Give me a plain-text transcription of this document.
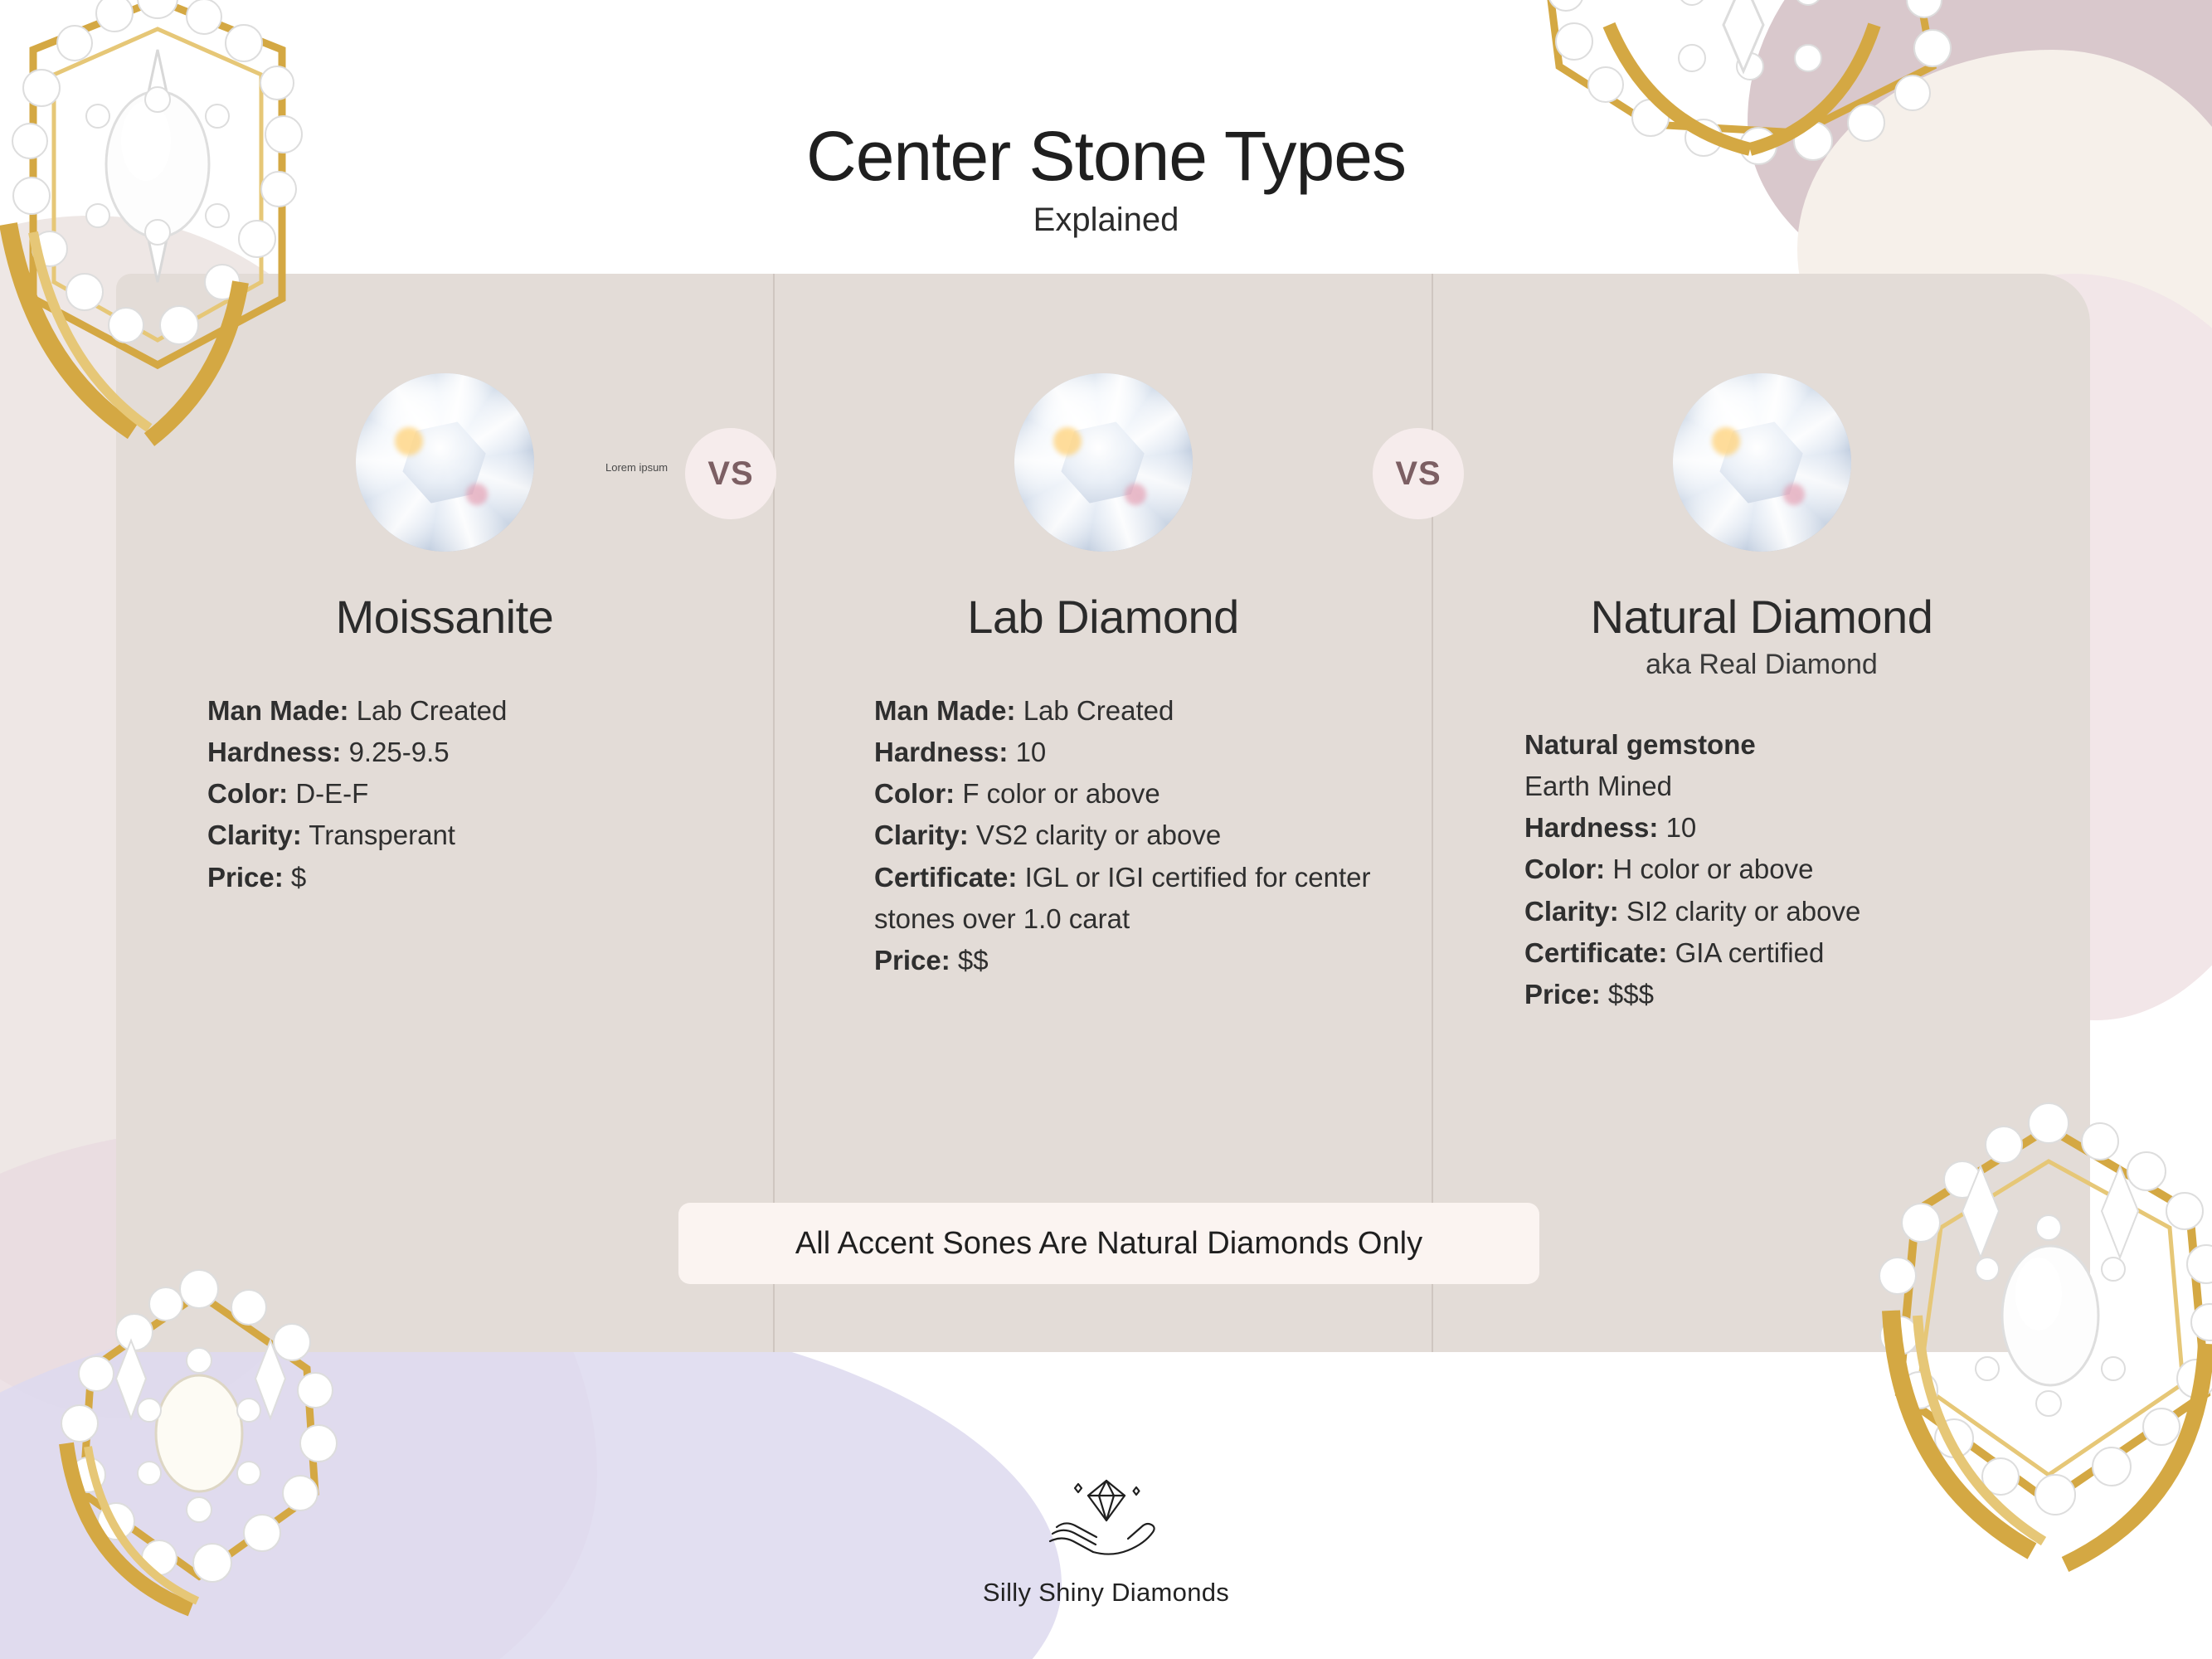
Center Stone Types
Explained
Moissanite
Man Made: Lab Created
Hardness: 9.25-9.5
Color: D-E-F
Clarity: Transperant
Price: $
Lab Diamond
Man Made: Lab Created
Hardness: 10
Color: F color or above
Clarity: VS2 clarity or above
Certificate: IGL or IGI certified for center stones over 1.0 carat
Price: $$
Natural Diamond
aka Real Diamond
Natural gemstone
Earth Mined
Hardness: 10
Color: H color or above
Clarity: SI2 clarity or above
Certificate: GIA certified
Price: $$$
VS	VS
Lorem ipsum
All Accent Sones Are Natural Diamonds Only
Silly Shiny Diamonds
